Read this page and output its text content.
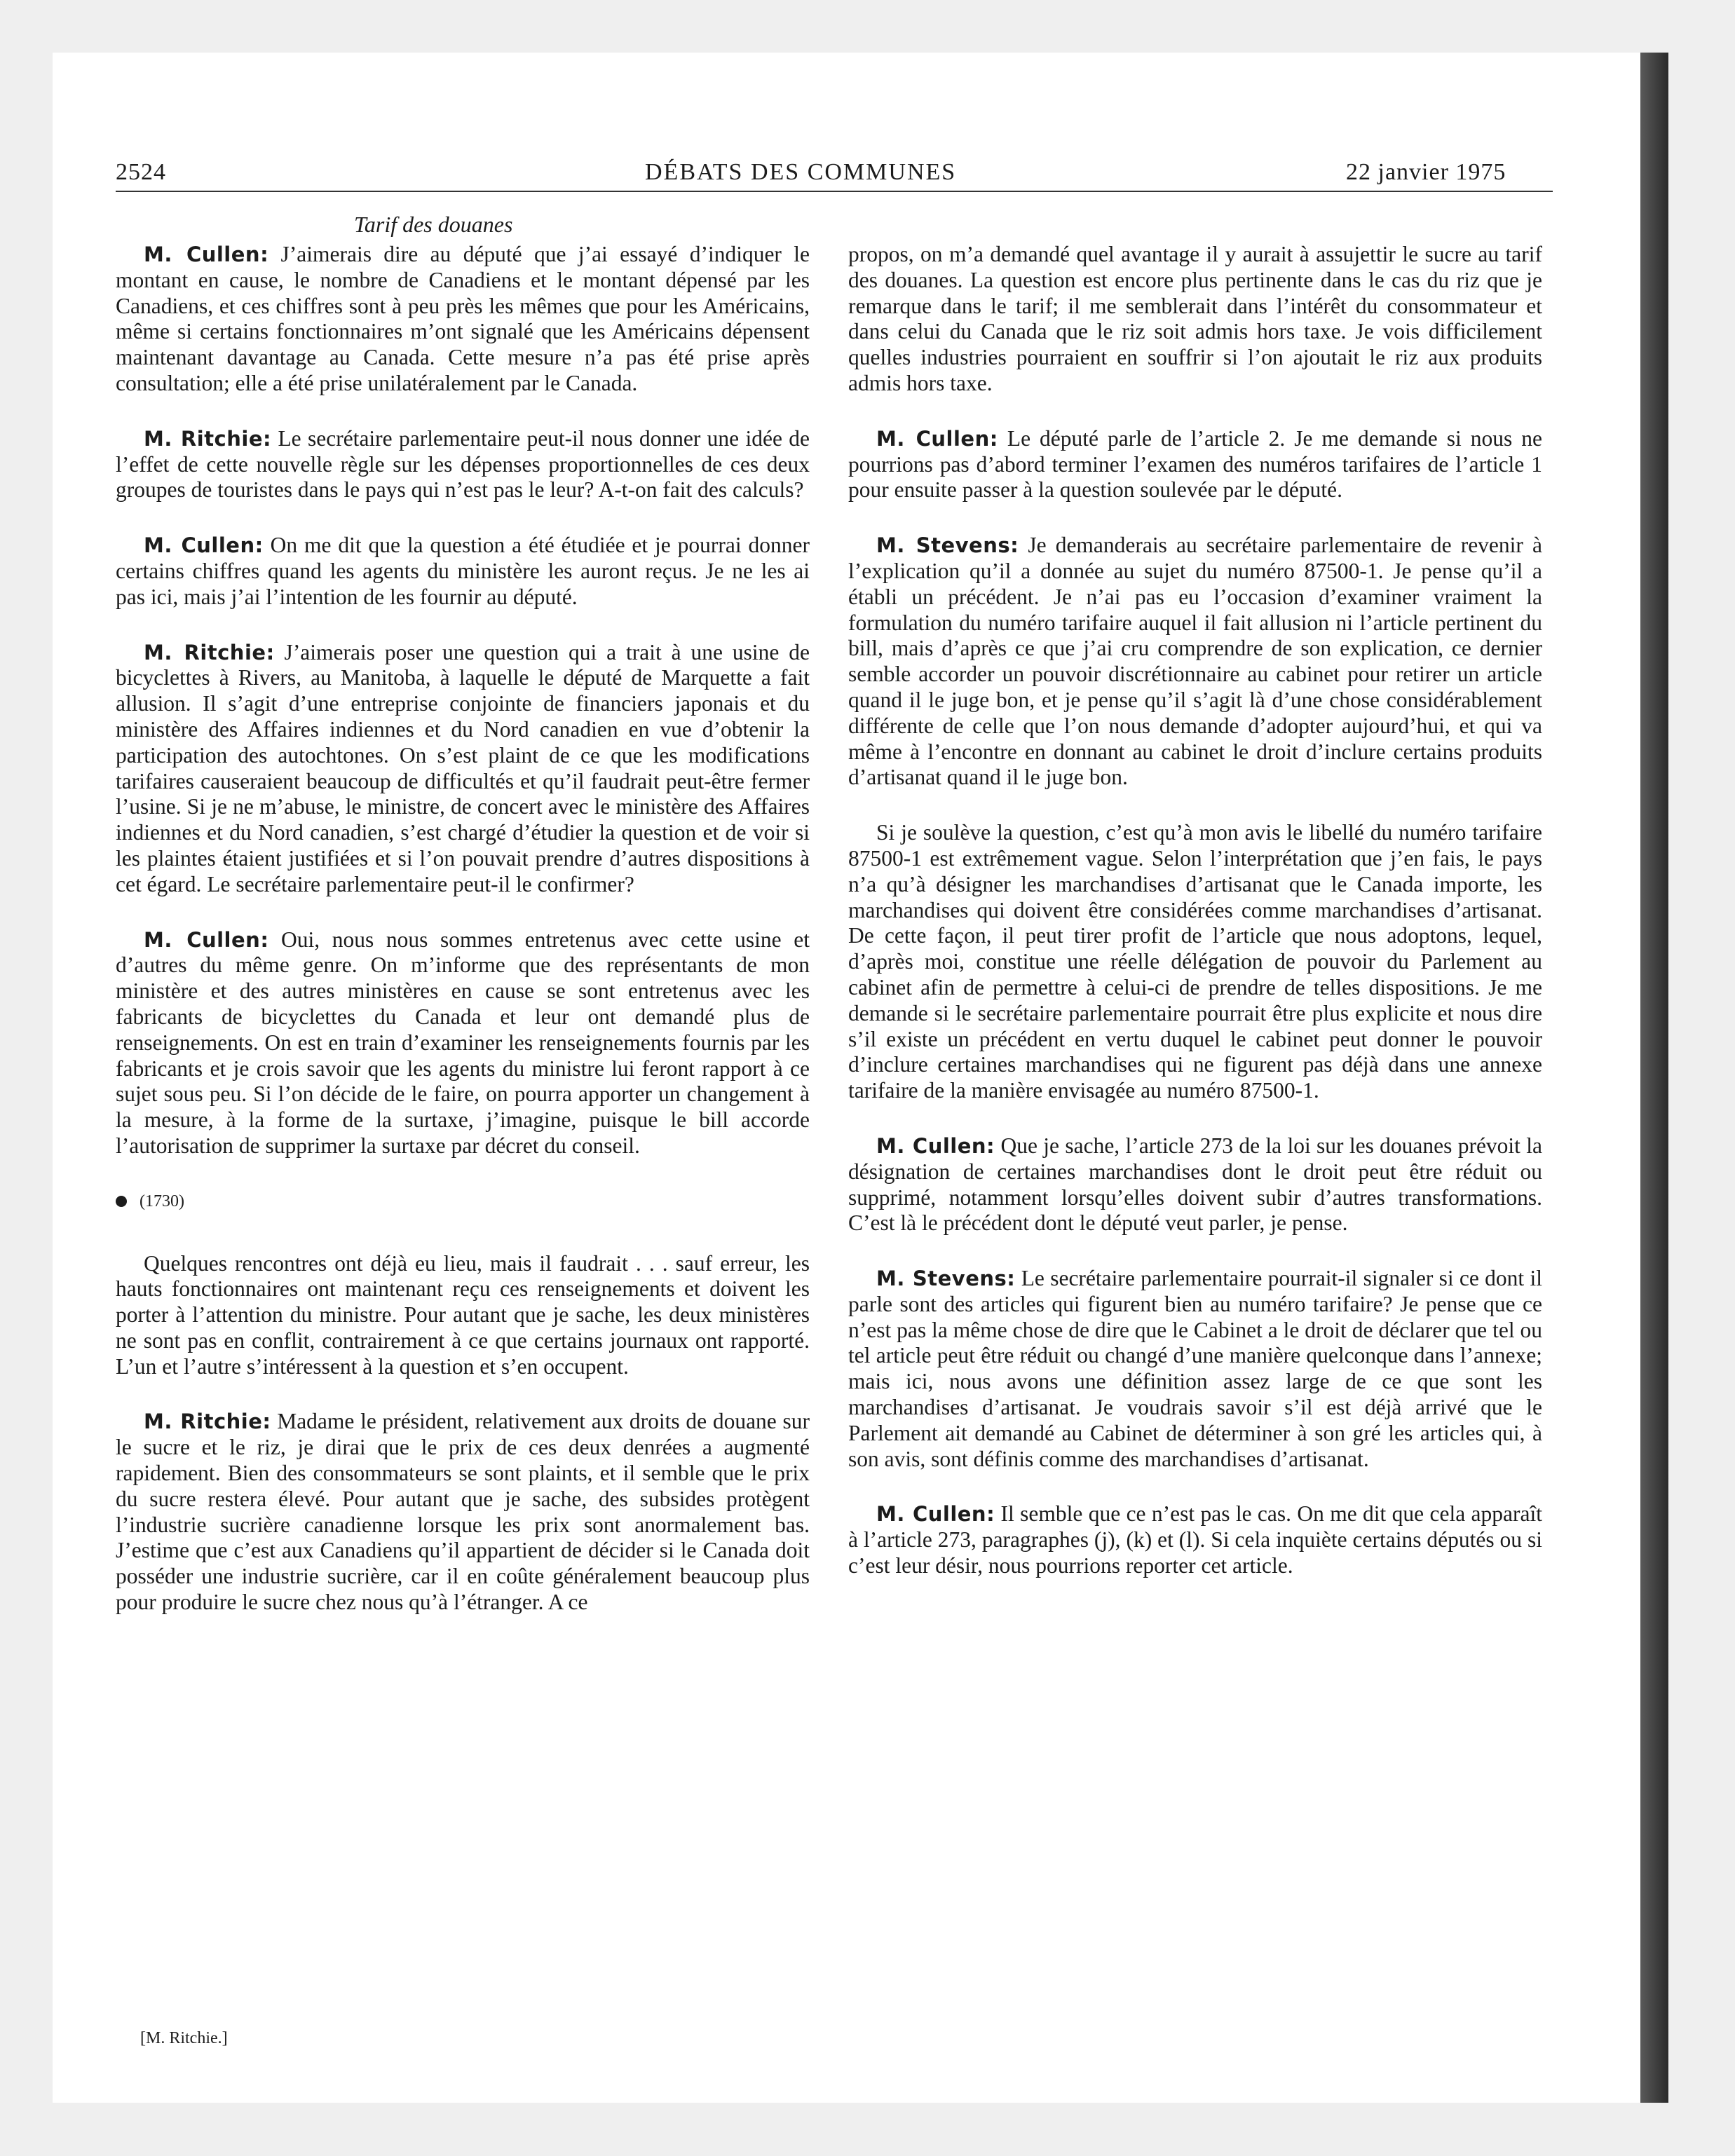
2524	DÉBATS DES COMMUNES	22 janvier 1975
Tarif des douanes

M. Cullen: J’aimerais dire au député que j’ai essayé d’indiquer le montant en cause, le nombre de Canadiens et le montant dépensé par les Canadiens, et ces chiffres sont à peu près les mêmes que pour les Américains, même si certains fonctionnaires m’ont signalé que les Américains dépensent maintenant davantage au Canada. Cette mesure n’a pas été prise après consultation; elle a été prise unilatéralement par le Canada.

M. Ritchie: Le secrétaire parlementaire peut-il nous donner une idée de l’effet de cette nouvelle règle sur les dépenses proportionnelles de ces deux groupes de touristes dans le pays qui n’est pas le leur? A-t-on fait des calculs?

M. Cullen: On me dit que la question a été étudiée et je pourrai donner certains chiffres quand les agents du ministère les auront reçus. Je ne les ai pas ici, mais j’ai l’intention de les fournir au député.

M. Ritchie: J’aimerais poser une question qui a trait à une usine de bicyclettes à Rivers, au Manitoba, à laquelle le député de Marquette a fait allusion. Il s’agit d’une entreprise conjointe de financiers japonais et du ministère des Affaires indiennes et du Nord canadien en vue d’obtenir la participation des autochtones. On s’est plaint de ce que les modifications tarifaires causeraient beaucoup de difficultés et qu’il faudrait peut-être fermer l’usine. Si je ne m’abuse, le ministre, de concert avec le ministère des Affaires indiennes et du Nord canadien, s’est chargé d’étudier la question et de voir si les plaintes étaient justifiées et si l’on pouvait prendre d’autres dispositions à cet égard. Le secrétaire parlementaire peut-il le confirmer?

M. Cullen: Oui, nous nous sommes entretenus avec cette usine et d’autres du même genre. On m’informe que des représentants de mon ministère et des autres ministères en cause se sont entretenus avec les fabricants de bicyclettes du Canada et leur ont demandé plus de renseignements. On est en train d’examiner les renseignements fournis par les fabricants et je crois savoir que les agents du ministre lui feront rapport à ce sujet sous peu. Si l’on décide de le faire, on pourra apporter un changement à la mesure, à la forme de la surtaxe, j’imagine, puisque le bill accorde l’autorisation de supprimer la surtaxe par décret du conseil.

(1730)

Quelques rencontres ont déjà eu lieu, mais il faudrait . . . sauf erreur, les hauts fonctionnaires ont maintenant reçu ces renseignements et doivent les porter à l’attention du ministre. Pour autant que je sache, les deux ministères ne sont pas en conflit, contrairement à ce que certains journaux ont rapporté. L’un et l’autre s’intéressent à la question et s’en occupent.

M. Ritchie: Madame le président, relativement aux droits de douane sur le sucre et le riz, je dirai que le prix de ces deux denrées a augmenté rapidement. Bien des consommateurs se sont plaints, et il semble que le prix du sucre restera élevé. Pour autant que je sache, des subsides protègent l’industrie sucrière canadienne lorsque les prix sont anormalement bas. J’estime que c’est aux Canadiens qu’il appartient de décider si le Canada doit posséder une industrie sucrière, car il en coûte généralement beaucoup plus pour produire le sucre chez nous qu’à l’étranger. A ce

[M. Ritchie.]

propos, on m’a demandé quel avantage il y aurait à assujettir le sucre au tarif des douanes. La question est encore plus pertinente dans le cas du riz que je remarque dans le tarif; il me semblerait dans l’intérêt du consommateur et dans celui du Canada que le riz soit admis hors taxe. Je vois difficilement quelles industries pourraient en souffrir si l’on ajoutait le riz aux produits admis hors taxe.

M. Cullen: Le député parle de l’article 2. Je me demande si nous ne pourrions pas d’abord terminer l’examen des numéros tarifaires de l’article 1 pour ensuite passer à la question soulevée par le député.

M. Stevens: Je demanderais au secrétaire parlementaire de revenir à l’explication qu’il a donnée au sujet du numéro 87500-1. Je pense qu’il a établi un précédent. Je n’ai pas eu l’occasion d’examiner vraiment la formulation du numéro tarifaire auquel il fait allusion ni l’article pertinent du bill, mais d’après ce que j’ai cru comprendre de son explication, ce dernier semble accorder un pouvoir discrétionnaire au cabinet pour retirer un article quand il le juge bon, et je pense qu’il s’agit là d’une chose considérablement différente de celle que l’on nous demande d’adopter aujourd’hui, et qui va même à l’encontre en donnant au cabinet le droit d’inclure certains produits d’artisanat quand il le juge bon.

Si je soulève la question, c’est qu’à mon avis le libellé du numéro tarifaire 87500-1 est extrêmement vague. Selon l’interprétation que j’en fais, le pays n’a qu’à désigner les marchandises d’artisanat que le Canada importe, les marchandises qui doivent être considérées comme marchandises d’artisanat. De cette façon, il peut tirer profit de l’article que nous adoptons, lequel, d’après moi, constitue une réelle délégation de pouvoir du Parlement au cabinet afin de permettre à celui-ci de prendre de telles dispositions. Je me demande si le secrétaire parlementaire pourrait être plus explicite et nous dire s’il existe un précédent en vertu duquel le cabinet peut donner le pouvoir d’inclure certaines marchandises qui ne figurent pas déjà dans une annexe tarifaire de la manière envisagée au numéro 87500-1.

M. Cullen: Que je sache, l’article 273 de la loi sur les douanes prévoit la désignation de certaines marchandises dont le droit peut être réduit ou supprimé, notamment lorsqu’elles doivent subir d’autres transformations. C’est là le précédent dont le député veut parler, je pense.

M. Stevens: Le secrétaire parlementaire pourrait-il signaler si ce dont il parle sont des articles qui figurent bien au numéro tarifaire? Je pense que ce n’est pas la même chose de dire que le Cabinet a le droit de déclarer que tel ou tel article peut être réduit ou changé d’une manière quelconque dans l’annexe; mais ici, nous avons une définition assez large de ce que sont les marchandises d’artisanat. Je voudrais savoir s’il est déjà arrivé que le Parlement ait demandé au Cabinet de déterminer à son gré les articles qui, à son avis, sont définis comme des marchandises d’artisanat.

M. Cullen: Il semble que ce n’est pas le cas. On me dit que cela apparaît à l’article 273, paragraphes (j), (k) et (l). Si cela inquiète certains députés ou si c’est leur désir, nous pourrions reporter cet article.
